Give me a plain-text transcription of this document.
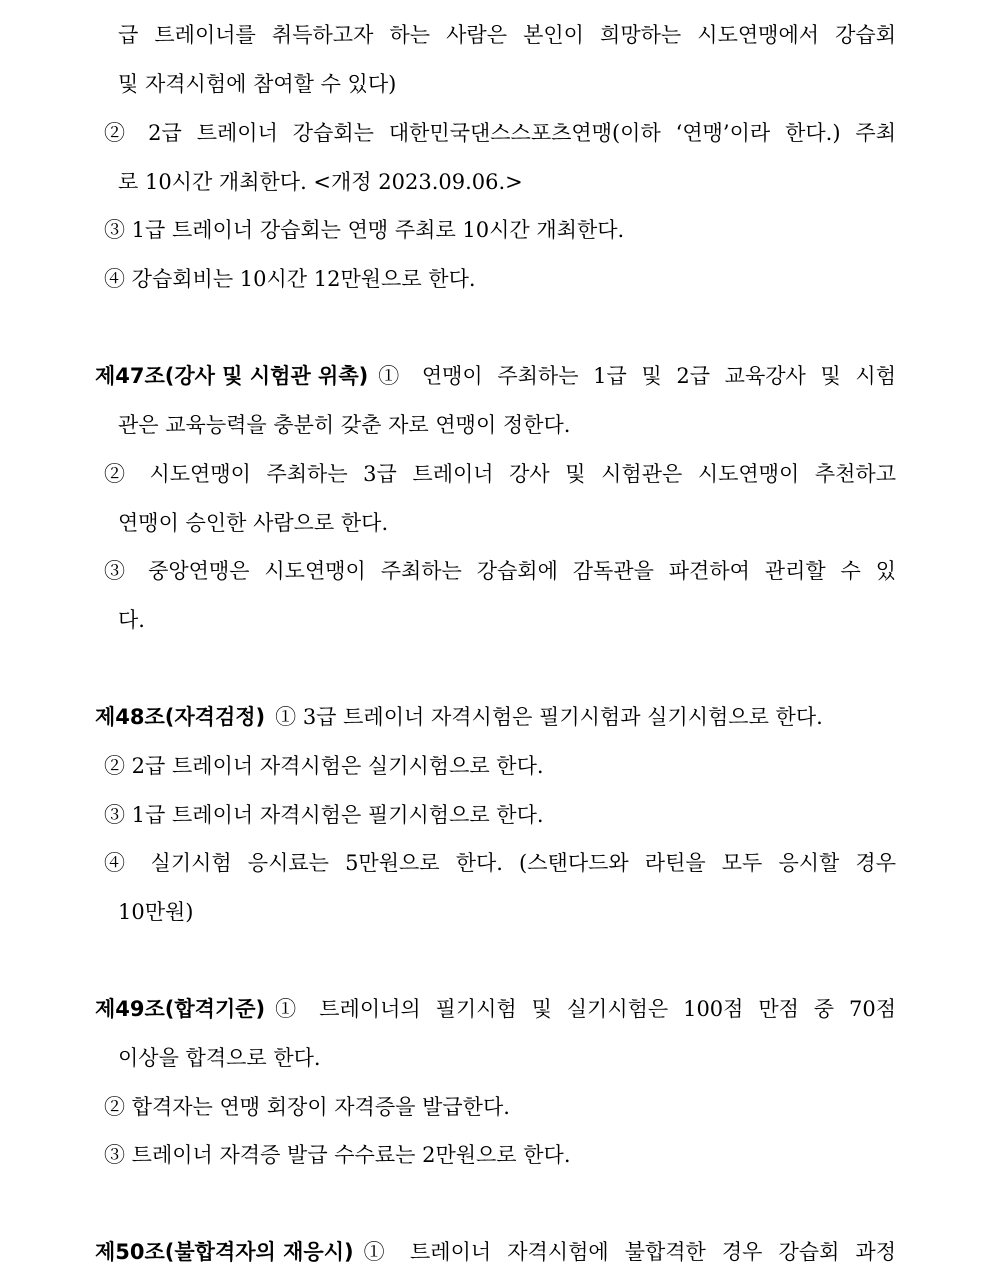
급 트레이너를 취득하고자 하는 사람은 본인이 희망하는 시도연맹에서 강습회
및 자격시험에 참여할 수 있다)
② 2급 트레이너 강습회는 대한민국댄스스포츠연맹(이하 ‘연맹’이라 한다.) 주최
로 10시간 개최한다. <개정 2023.09.06.>
③ 1급 트레이너 강습회는 연맹 주최로 10시간 개최한다.
④ 강습회비는 10시간 12만원으로 한다.
제47조(강사 및 시험관 위촉) ① 연맹이 주최하는 1급 및 2급 교육강사 및 시험
관은 교육능력을 충분히 갖춘 자로 연맹이 정한다.
② 시도연맹이 주최하는 3급 트레이너 강사 및 시험관은 시도연맹이 추천하고
연맹이 승인한 사람으로 한다.
③ 중앙연맹은 시도연맹이 주최하는 강습회에 감독관을 파견하여 관리할 수 있
다.
제48조(자격검정) ① 3급 트레이너 자격시험은 필기시험과 실기시험으로 한다.
② 2급 트레이너 자격시험은 실기시험으로 한다.
③ 1급 트레이너 자격시험은 필기시험으로 한다.
④ 실기시험 응시료는 5만원으로 한다. (스탠다드와 라틴을 모두 응시할 경우
10만원)
제49조(합격기준) ① 트레이너의 필기시험 및 실기시험은 100점 만점 중 70점
이상을 합격으로 한다.
② 합격자는 연맹 회장이 자격증을 발급한다.
③ 트레이너 자격증 발급 수수료는 2만원으로 한다.
제50조(불합격자의 재응시) ① 트레이너 자격시험에 불합격한 경우 강습회 과정
